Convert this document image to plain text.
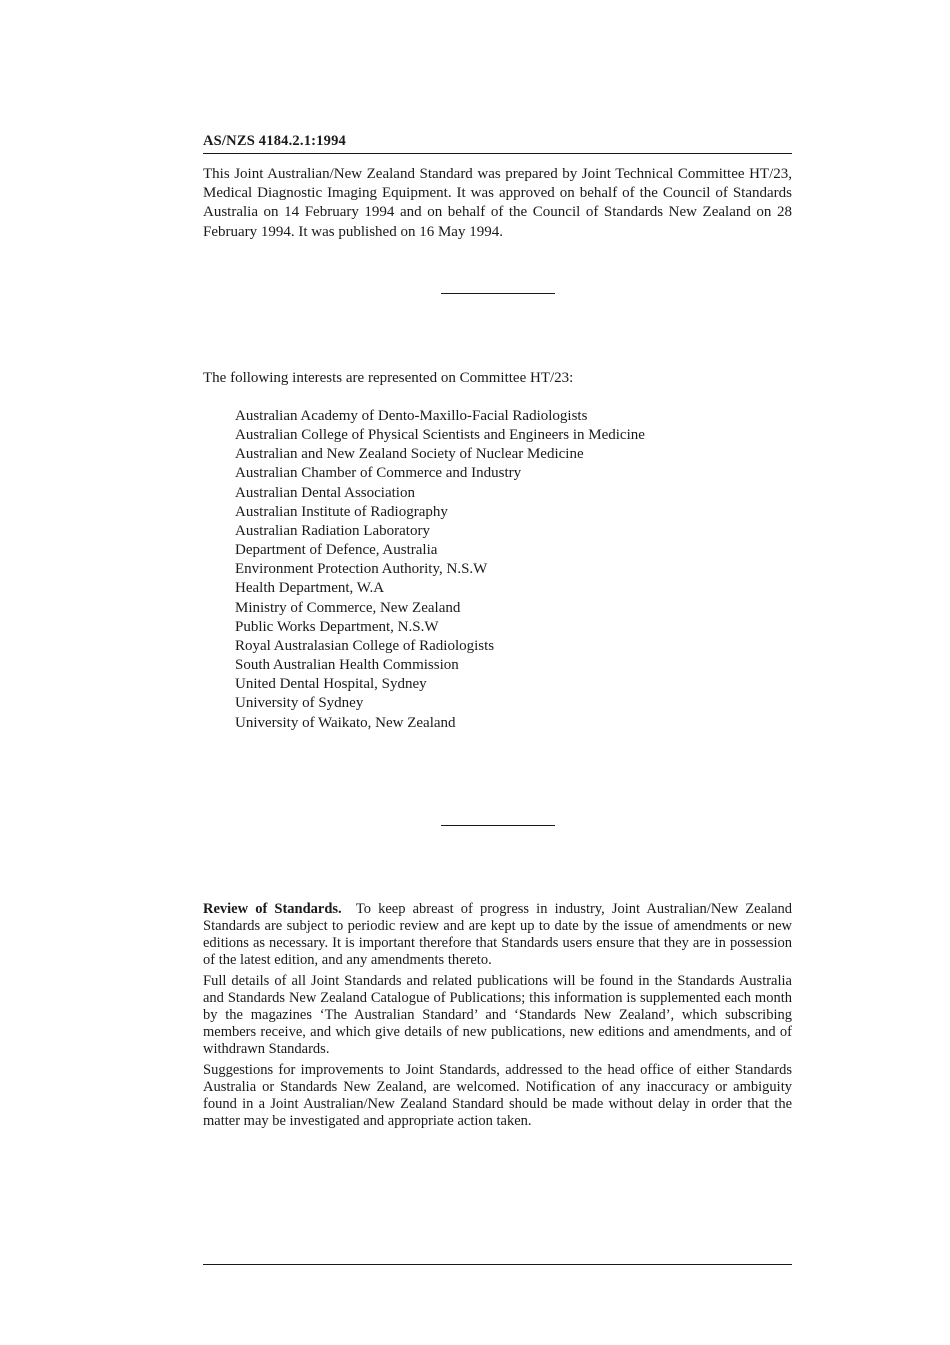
AS/NZS 4184.2.1:1994
This Joint Australian/New Zealand Standard was prepared by Joint Technical Committee HT/23, Medical Diagnostic Imaging Equipment. It was approved on behalf of the Council of Standards Australia on 14 February 1994 and on behalf of the Council of Standards New Zealand on 28 February 1994. It was published on 16 May 1994.
The following interests are represented on Committee HT/23:
Australian Academy of Dento-Maxillo-Facial Radiologists
Australian College of Physical Scientists and Engineers in Medicine
Australian and New Zealand Society of Nuclear Medicine
Australian Chamber of Commerce and Industry
Australian Dental Association
Australian Institute of Radiography
Australian Radiation Laboratory
Department of Defence, Australia
Environment Protection Authority, N.S.W
Health Department, W.A
Ministry of Commerce, New Zealand
Public Works Department, N.S.W
Royal Australasian College of Radiologists
South Australian Health Commission
United Dental Hospital, Sydney
University of Sydney
University of Waikato, New Zealand

Review of Standards. To keep abreast of progress in industry, Joint Australian/New Zealand Standards are subject to periodic review and are kept up to date by the issue of amendments or new editions as necessary. It is important therefore that Standards users ensure that they are in possession of the latest edition, and any amendments thereto.

Full details of all Joint Standards and related publications will be found in the Standards Australia and Standards New Zealand Catalogue of Publications; this information is supplemented each month by the magazines ‘The Australian Standard’ and ‘Standards New Zealand’, which subscribing members receive, and which give details of new publications, new editions and amendments, and of withdrawn Standards.

Suggestions for improvements to Joint Standards, addressed to the head office of either Standards Australia or Standards New Zealand, are welcomed. Notification of any inaccuracy or ambiguity found in a Joint Australian/New Zealand Standard should be made without delay in order that the matter may be investigated and appropriate action taken.
